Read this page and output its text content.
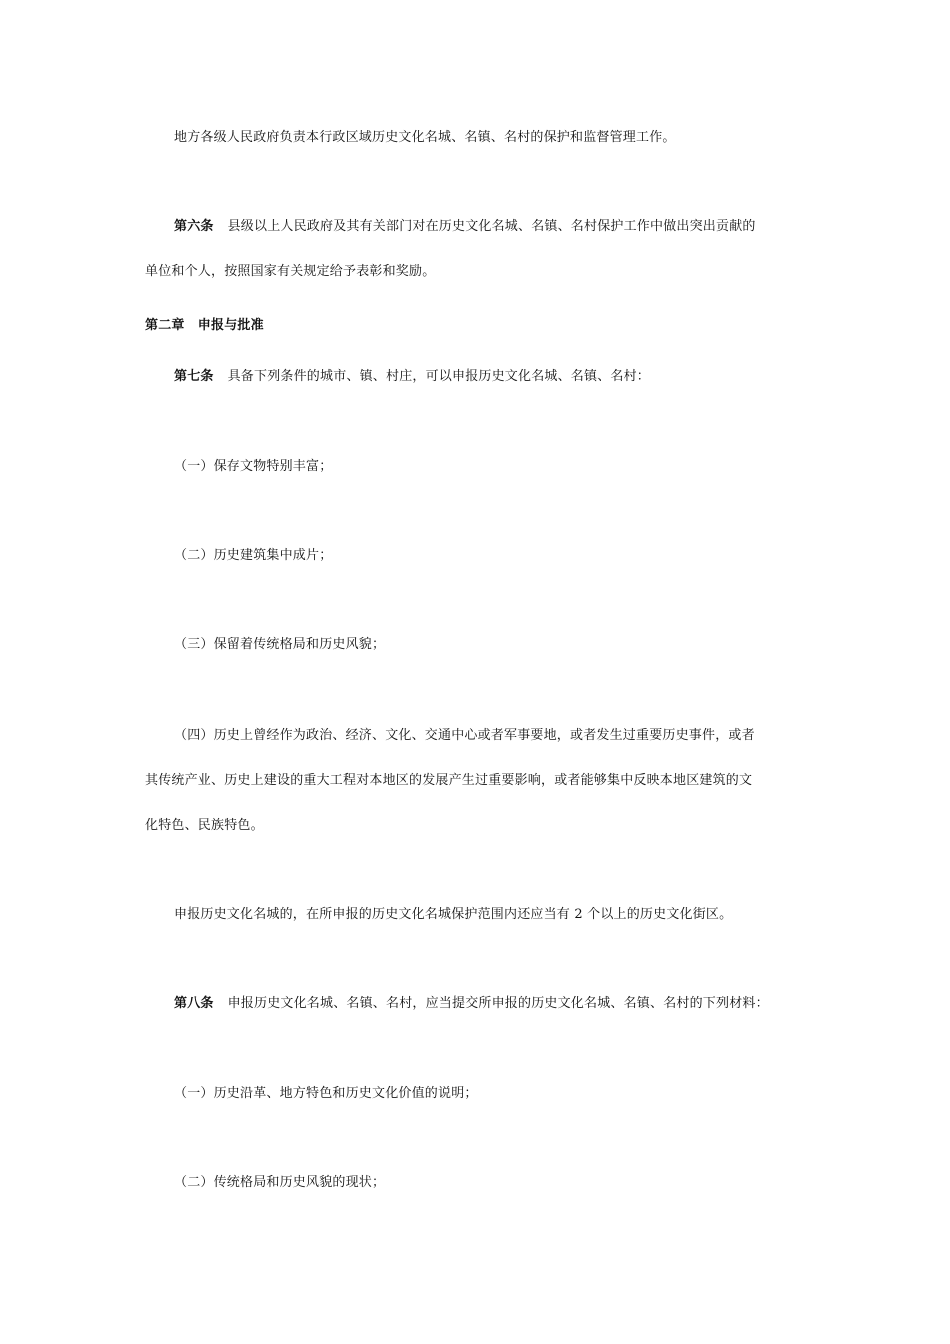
地方各级人民政府负责本行政区域历史文化名城、名镇、名村的保护和监督管理工作。
第六条 县级以上人民政府及其有关部门对在历史文化名城、名镇、名村保护工作中做出突出贡献的
单位和个人，按照国家有关规定给予表彰和奖励。
第二章　申报与批准
第七条 具备下列条件的城市、镇、村庄，可以申报历史文化名城、名镇、名村：
（一）保存文物特别丰富；
（二）历史建筑集中成片；
（三）保留着传统格局和历史风貌；
（四）历史上曾经作为政治、经济、文化、交通中心或者军事要地，或者发生过重要历史事件，或者
其传统产业、历史上建设的重大工程对本地区的发展产生过重要影响，或者能够集中反映本地区建筑的文
化特色、民族特色。
申报历史文化名城的，在所申报的历史文化名城保护范围内还应当有 2 个以上的历史文化街区。
第八条 申报历史文化名城、名镇、名村，应当提交所申报的历史文化名城、名镇、名村的下列材料：
（一）历史沿革、地方特色和历史文化价值的说明；
（二）传统格局和历史风貌的现状；
